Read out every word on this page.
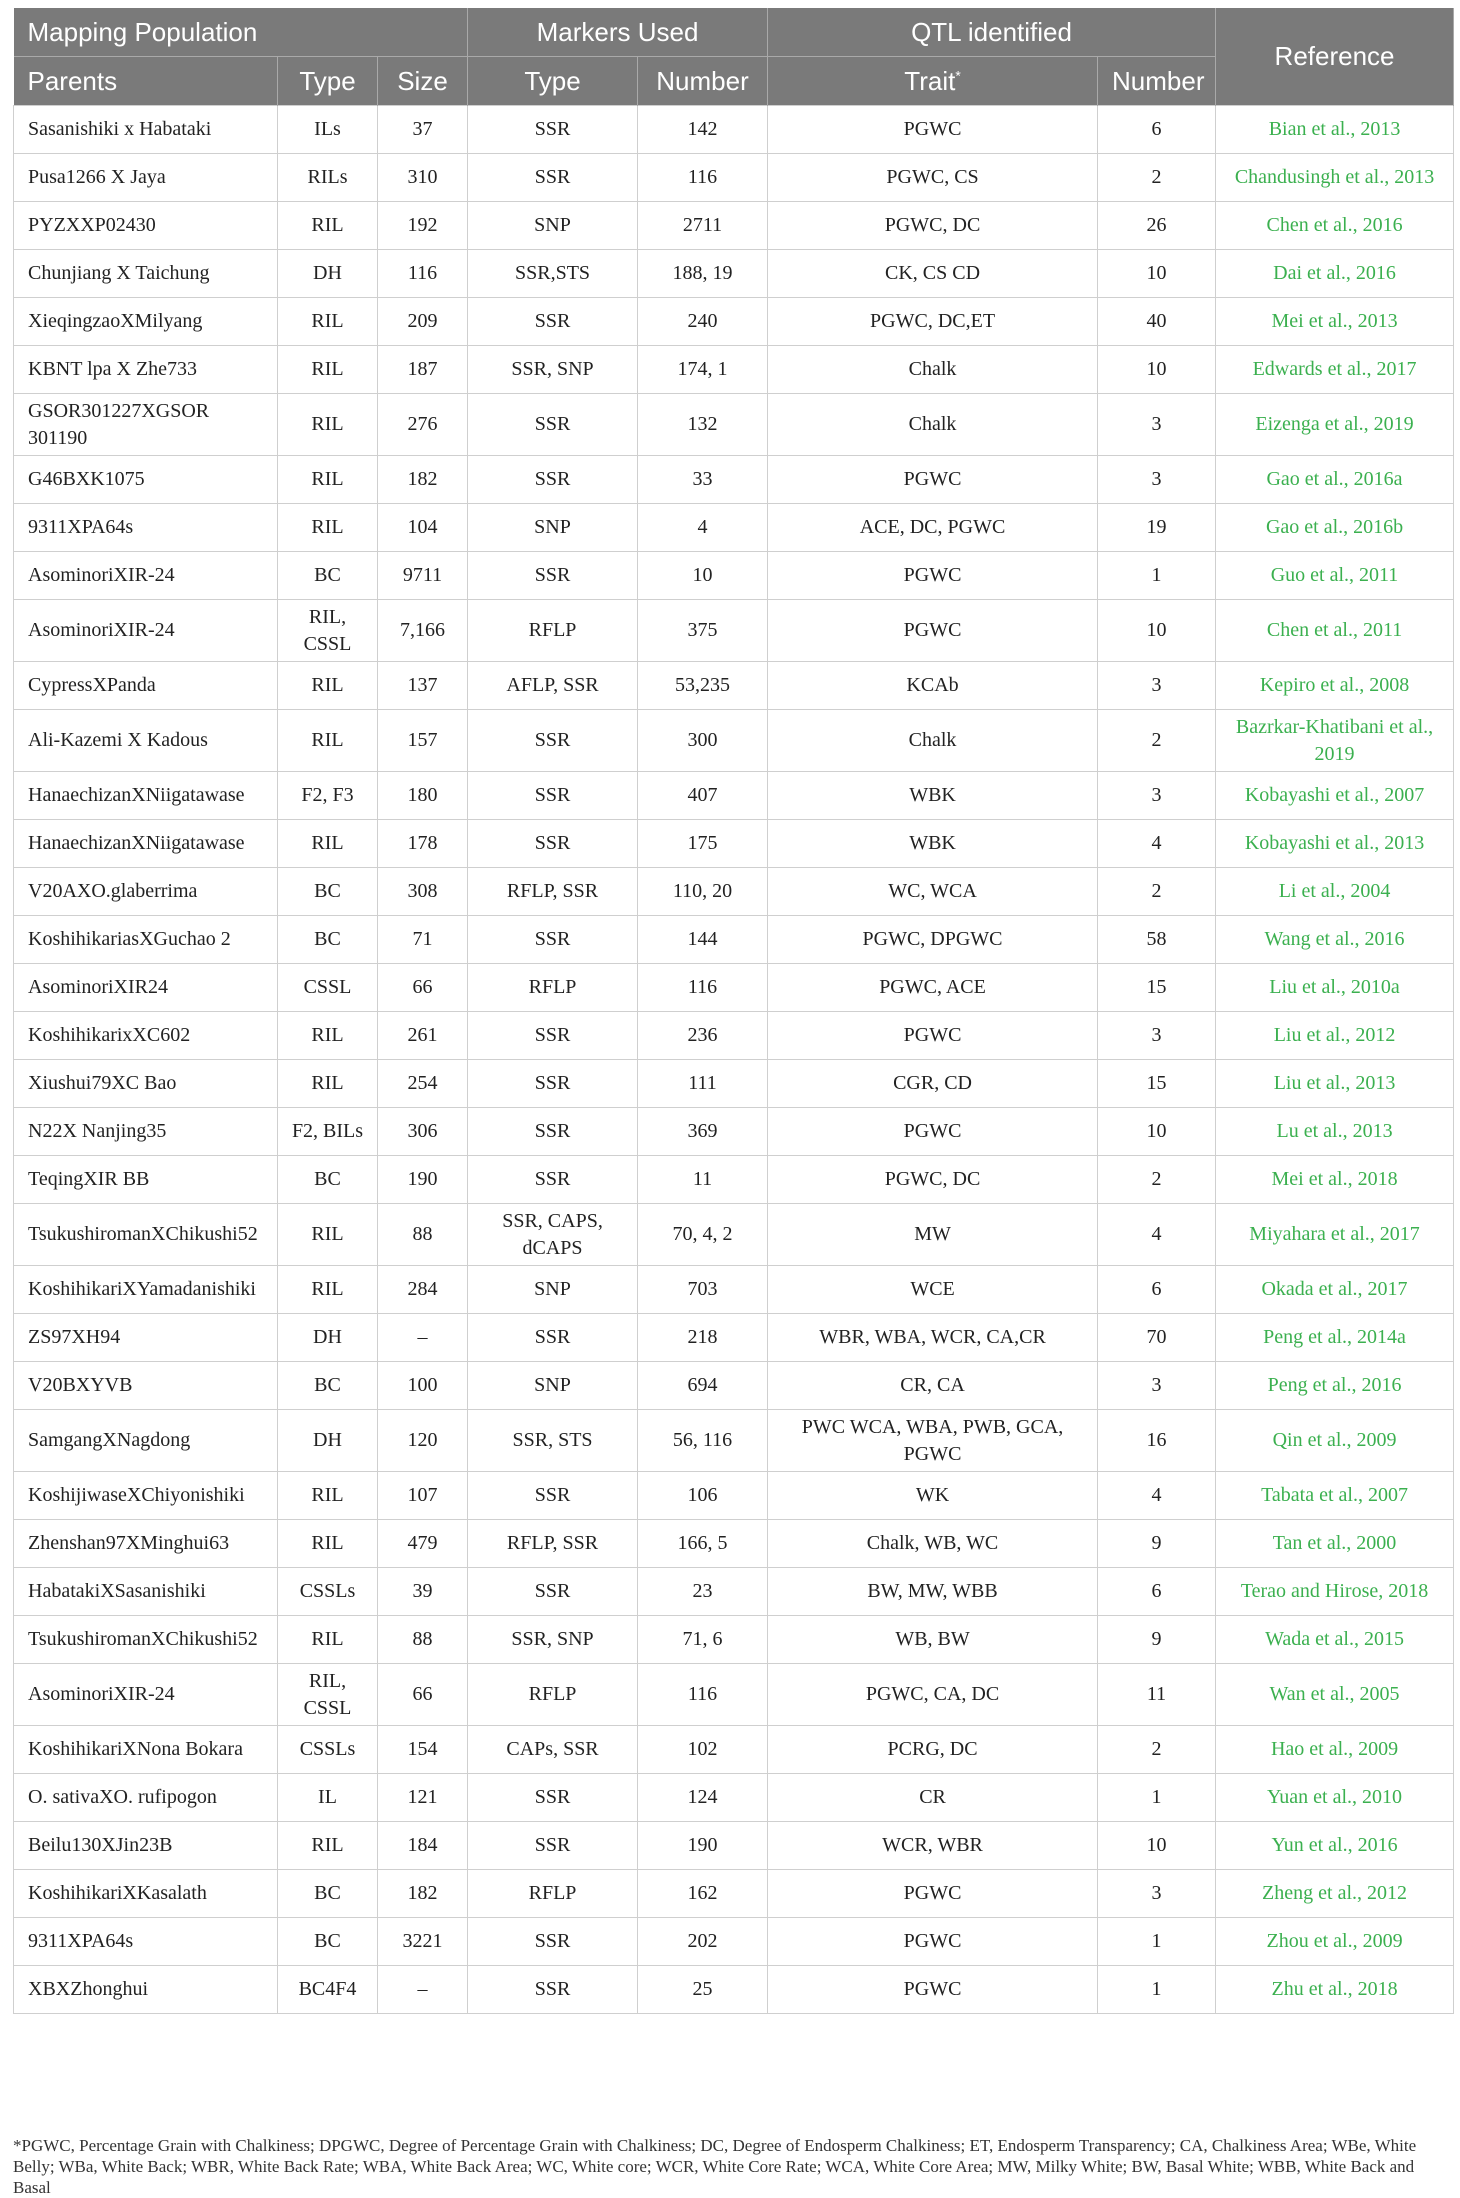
Mapping Population			Markers Used		QTL identified		Reference
Parents	Type	Size	Type	Number	Trait*	Number	
Sasanishiki x Habataki	ILs	37	SSR	142	PGWC	6	Bian et al., 2013
Pusa1266 X Jaya	RILs	310	SSR	116	PGWC, CS	2	Chandusingh et al., 2013
PYZXXP02430	RIL	192	SNP	2711	PGWC, DC	26	Chen et al., 2016
Chunjiang X Taichung	DH	116	SSR,STS	188, 19	CK, CS CD	10	Dai et al., 2016
XieqingzaoXMilyang	RIL	209	SSR	240	PGWC, DC,ET	40	Mei et al., 2013
KBNT lpa X Zhe733	RIL	187	SSR, SNP	174, 1	Chalk	10	Edwards et al., 2017
GSOR301227XGSOR 301190	RIL	276	SSR	132	Chalk	3	Eizenga et al., 2019
G46BXK1075	RIL	182	SSR	33	PGWC	3	Gao et al., 2016a
9311XPA64s	RIL	104	SNP	4	ACE, DC, PGWC	19	Gao et al., 2016b
AsominoriXIR-24	BC	9711	SSR	10	PGWC	1	Guo et al., 2011
AsominoriXIR-24	RIL, CSSL	7,166	RFLP	375	PGWC	10	Chen et al., 2011
CypressXPanda	RIL	137	AFLP, SSR	53,235	KCAb	3	Kepiro et al., 2008
Ali-Kazemi X Kadous	RIL	157	SSR	300	Chalk	2	Bazrkar-Khatibani et al., 2019
HanaechizanXNiigatawase	F2, F3	180	SSR	407	WBK	3	Kobayashi et al., 2007
HanaechizanXNiigatawase	RIL	178	SSR	175	WBK	4	Kobayashi et al., 2013
V20AXO.glaberrima	BC	308	RFLP, SSR	110, 20	WC, WCA	2	Li et al., 2004
KoshihikariasXGuchao 2	BC	71	SSR	144	PGWC, DPGWC	58	Wang et al., 2016
AsominoriXIR24	CSSL	66	RFLP	116	PGWC, ACE	15	Liu et al., 2010a
KoshihikarixXC602	RIL	261	SSR	236	PGWC	3	Liu et al., 2012
Xiushui79XC Bao	RIL	254	SSR	111	CGR, CD	15	Liu et al., 2013
N22X Nanjing35	F2, BILs	306	SSR	369	PGWC	10	Lu et al., 2013
TeqingXIR BB	BC	190	SSR	11	PGWC, DC	2	Mei et al., 2018
TsukushiromanXChikushi52	RIL	88	SSR, CAPS, dCAPS	70, 4, 2	MW	4	Miyahara et al., 2017
KoshihikariXYamadanishiki	RIL	284	SNP	703	WCE	6	Okada et al., 2017
ZS97XH94	DH	–	SSR	218	WBR, WBA, WCR, CA,CR	70	Peng et al., 2014a
V20BXYVB	BC	100	SNP	694	CR, CA	3	Peng et al., 2016
SamgangXNagdong	DH	120	SSR, STS	56, 116	PWC WCA, WBA, PWB, GCA, PGWC	16	Qin et al., 2009
KoshijiwaseXChiyonishiki	RIL	107	SSR	106	WK	4	Tabata et al., 2007
Zhenshan97XMinghui63	RIL	479	RFLP, SSR	166, 5	Chalk, WB, WC	9	Tan et al., 2000
HabatakiXSasanishiki	CSSLs	39	SSR	23	BW, MW, WBB	6	Terao and Hirose, 2018
TsukushiromanXChikushi52	RIL	88	SSR, SNP	71, 6	WB, BW	9	Wada et al., 2015
AsominoriXIR-24	RIL, CSSL	66	RFLP	116	PGWC, CA, DC	11	Wan et al., 2005
KoshihikariXNona Bokara	CSSLs	154	CAPs, SSR	102	PCRG, DC	2	Hao et al., 2009
O. sativaXO. rufipogon	IL	121	SSR	124	CR	1	Yuan et al., 2010
Beilu130XJin23B	RIL	184	SSR	190	WCR, WBR	10	Yun et al., 2016
KoshihikariXKasalath	BC	182	RFLP	162	PGWC	3	Zheng et al., 2012
9311XPA64s	BC	3221	SSR	202	PGWC	1	Zhou et al., 2009
XBXZhonghui	BC4F4	–	SSR	25	PGWC	1	Zhu et al., 2018
*PGWC, Percentage Grain with Chalkiness; DPGWC, Degree of Percentage Grain with Chalkiness; DC, Degree of Endosperm Chalkiness; ET, Endosperm Transparency; CA, Chalkiness Area; WBe, White Belly; WBa, White Back; WBR, White Back Rate; WBA, White Back Area; WC, White core; WCR, White Core Rate; WCA, White Core Area; MW, Milky White; BW, Basal White; WBB, White Back and Basal
